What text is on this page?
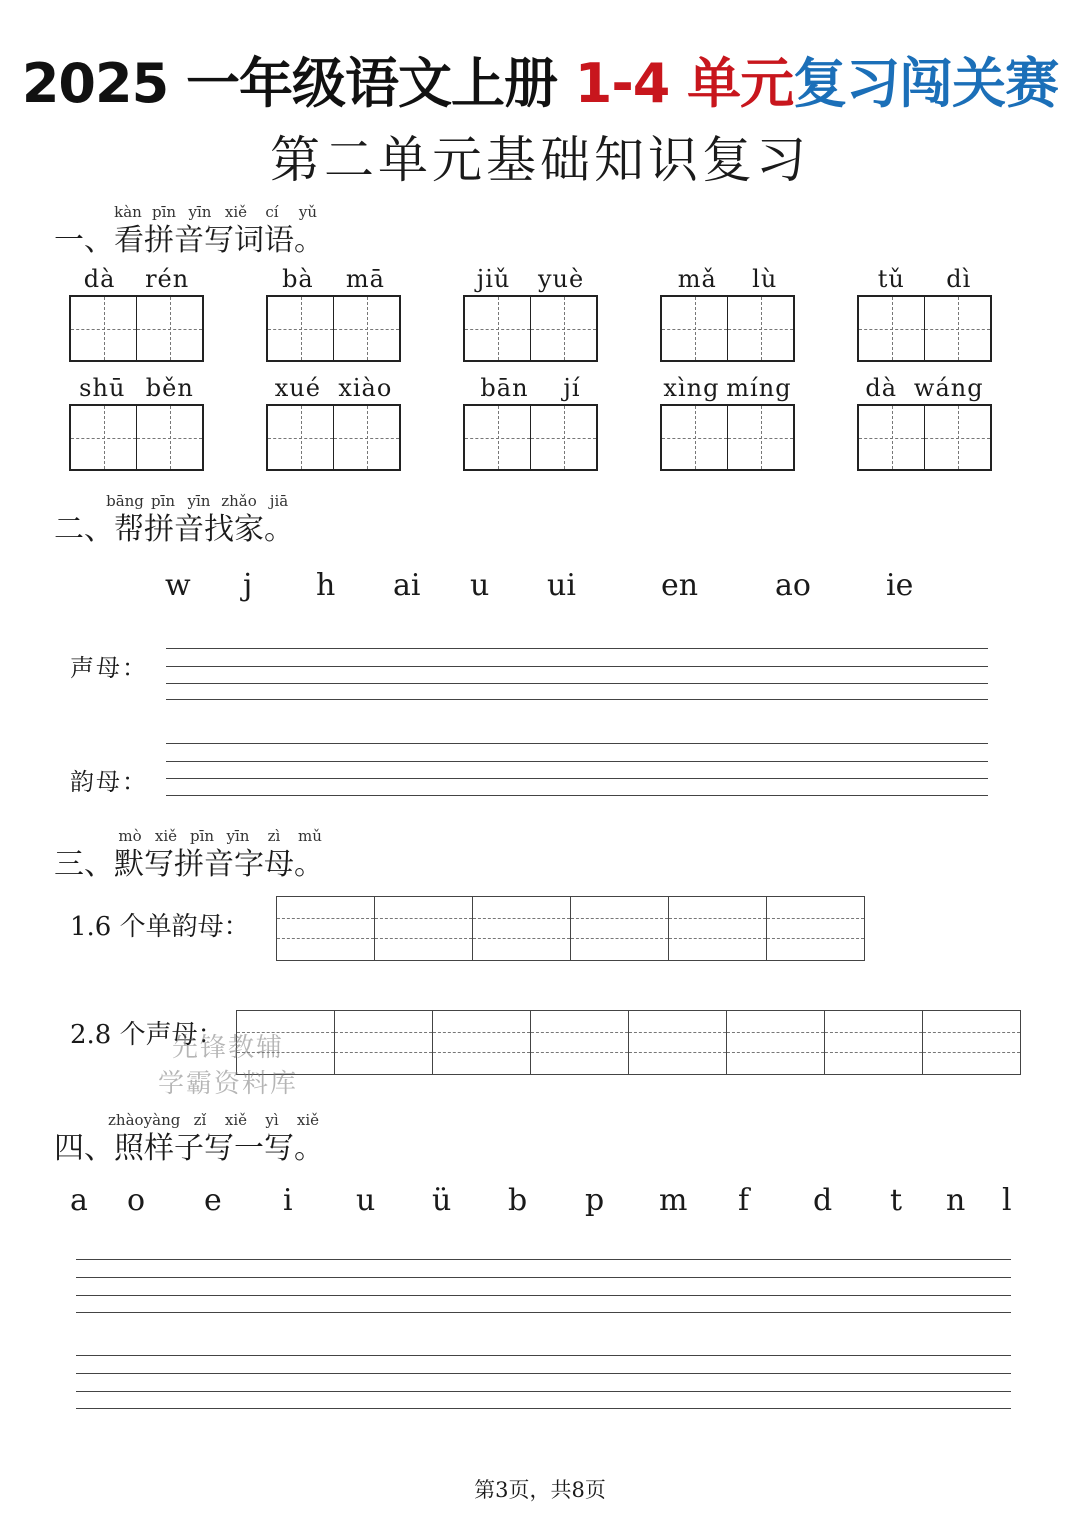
2025 一年级语文上册 1-4 单元复习闯关赛
第二单元基础知识复习
kàn pīn yīn xiě cí yǔ
一、看拼音写词语。
dà rén	bà mā	jiǔ yuè	mǎ lù	tǔ dì
shū běn	xué xiào	bān jí	xìng míng	dà wáng
bāng pīn yīn zhǎo jiā
二、帮拼音找家。
w j h ai u ui	en	ao	ie
声母：
韵母：
mò xiě pīn yīn zì mǔ
三、默写拼音字母。
1.6 个单韵母：
2.8 个声母：
先锋教辅
学霸资料库
zhàoyàng zǐ xiě yì xiě
四、照样子写一写。
a o e i u ü b p m f d t n l
第3页，共8页
